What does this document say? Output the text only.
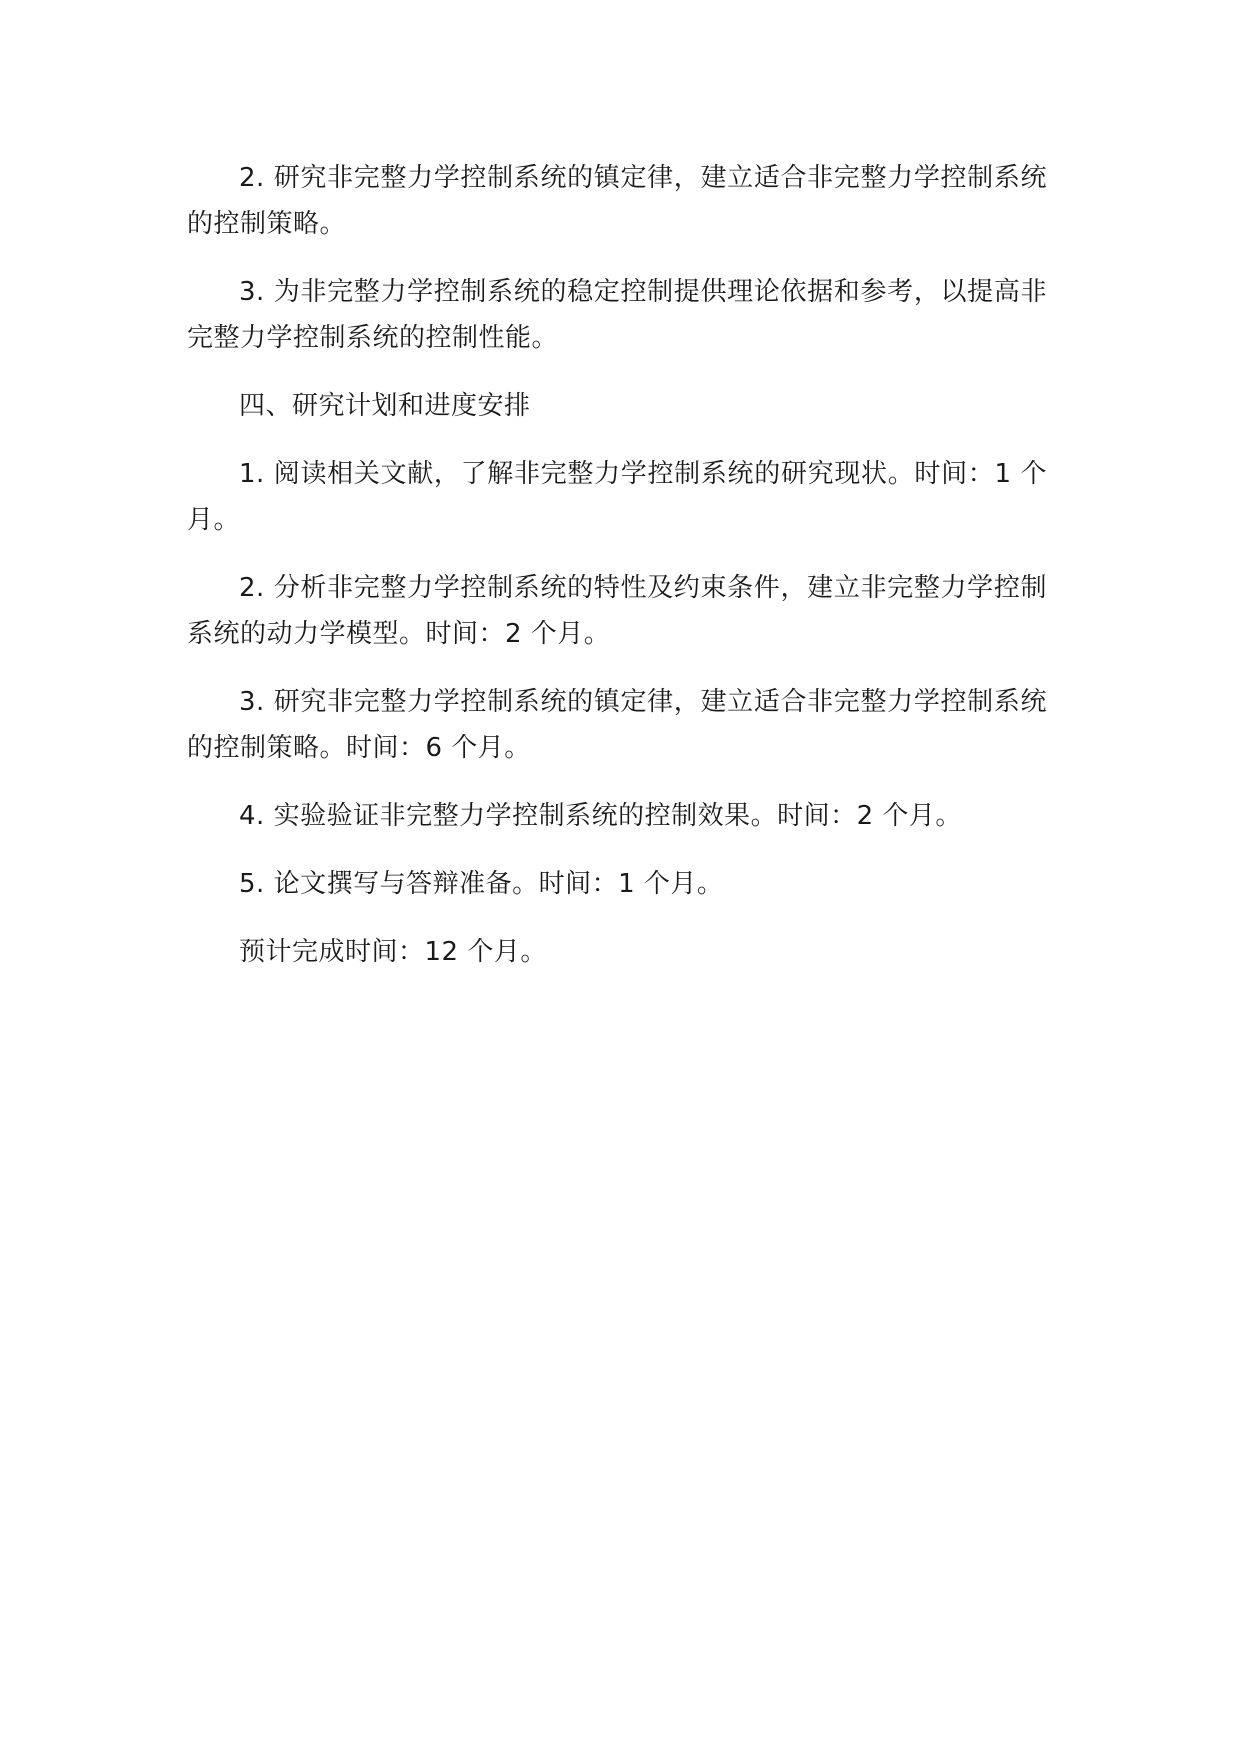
2. 研究非完整力学控制系统的镇定律，建立适合非完整力学控制系统的控制策略。

3. 为非完整力学控制系统的稳定控制提供理论依据和参考，以提高非完整力学控制系统的控制性能。

四、研究计划和进度安排

1. 阅读相关文献，了解非完整力学控制系统的研究现状。时间：1 个月。

2. 分析非完整力学控制系统的特性及约束条件，建立非完整力学控制系统的动力学模型。时间：2 个月。

3. 研究非完整力学控制系统的镇定律，建立适合非完整力学控制系统的控制策略。时间：6 个月。

4. 实验验证非完整力学控制系统的控制效果。时间：2 个月。

5. 论文撰写与答辩准备。时间：1 个月。

预计完成时间：12 个月。
